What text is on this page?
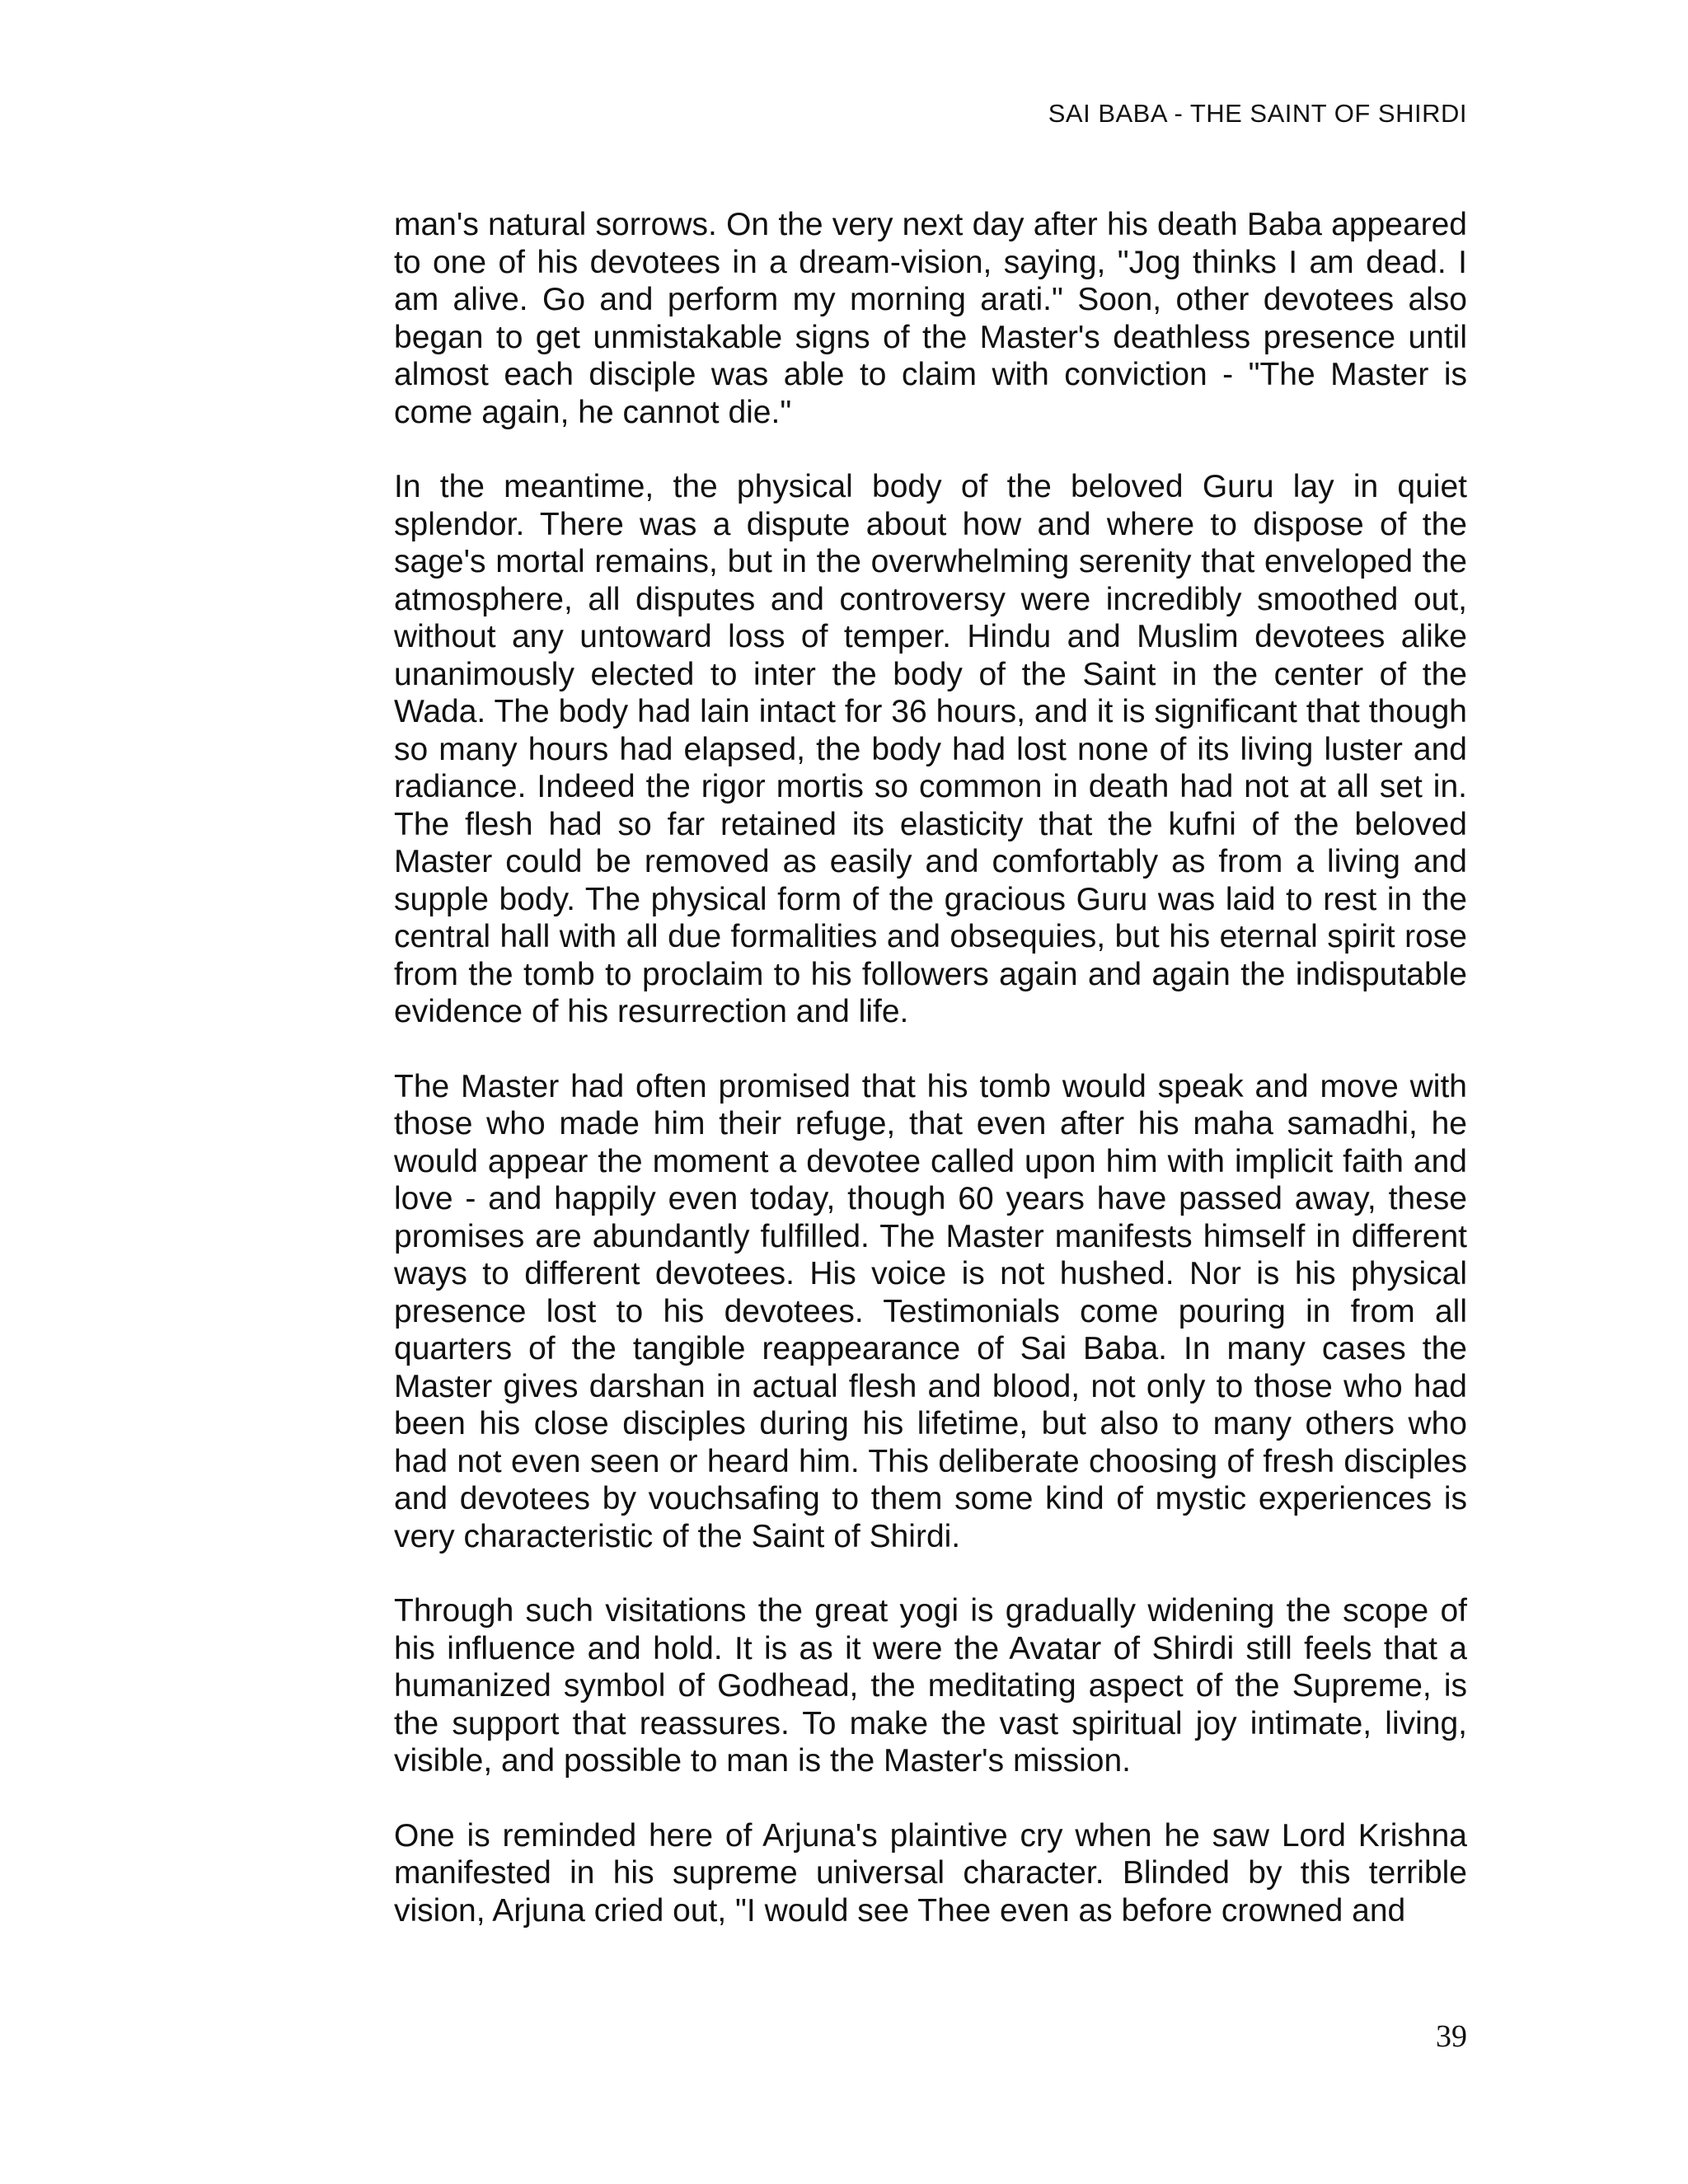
SAI BABA - THE SAINT OF SHIRDI

man's natural sorrows. On the very next day after his death Baba appeared to one of his devotees in a dream-vision, saying, "Jog thinks I am dead. I am alive. Go and perform my morning arati." Soon, other devotees also began to get unmistakable signs of the Master's deathless presence until almost each disciple was able to claim with conviction - "The Master is come again, he cannot die."

In the meantime, the physical body of the beloved Guru lay in quiet splendor. There was a dispute about how and where to dispose of the sage's mortal remains, but in the overwhelming serenity that enveloped the atmosphere, all disputes and controversy were incredibly smoothed out, without any untoward loss of temper. Hindu and Muslim devotees alike unanimously elected to inter the body of the Saint in the center of the Wada. The body had lain intact for 36 hours, and it is significant that though so many hours had elapsed, the body had lost none of its living luster and radiance. Indeed the rigor mortis so common in death had not at all set in. The flesh had so far retained its elasticity that the kufni of the beloved Master could be removed as easily and comfortably as from a living and supple body. The physical form of the gracious Guru was laid to rest in the central hall with all due formalities and obsequies, but his eternal spirit rose from the tomb to proclaim to his followers again and again the indisputable evidence of his resurrection and life.

The Master had often promised that his tomb would speak and move with those who made him their refuge, that even after his maha samadhi, he would appear the moment a devotee called upon him with implicit faith and love - and happily even today, though 60 years have passed away, these promises are abundantly fulfilled. The Master manifests himself in different ways to different devotees. His voice is not hushed. Nor is his physical presence lost to his devotees. Testimonials come pouring in from all quarters of the tangible reappearance of Sai Baba. In many cases the Master gives darshan in actual flesh and blood, not only to those who had been his close disciples during his lifetime, but also to many others who had not even seen or heard him. This deliberate choosing of fresh disciples and devotees by vouchsafing to them some kind of mystic experiences is very characteristic of the Saint of Shirdi.

Through such visitations the great yogi is gradually widening the scope of his influence and hold. It is as it were the Avatar of Shirdi still feels that a humanized symbol of Godhead, the meditating aspect of the Supreme, is the support that reassures. To make the vast spiritual joy intimate, living, visible, and possible to man is the Master's mission.

One is reminded here of Arjuna's plaintive cry when he saw Lord Krishna manifested in his supreme universal character. Blinded by this terrible vision, Arjuna cried out, "I would see Thee even as before crowned and

39
